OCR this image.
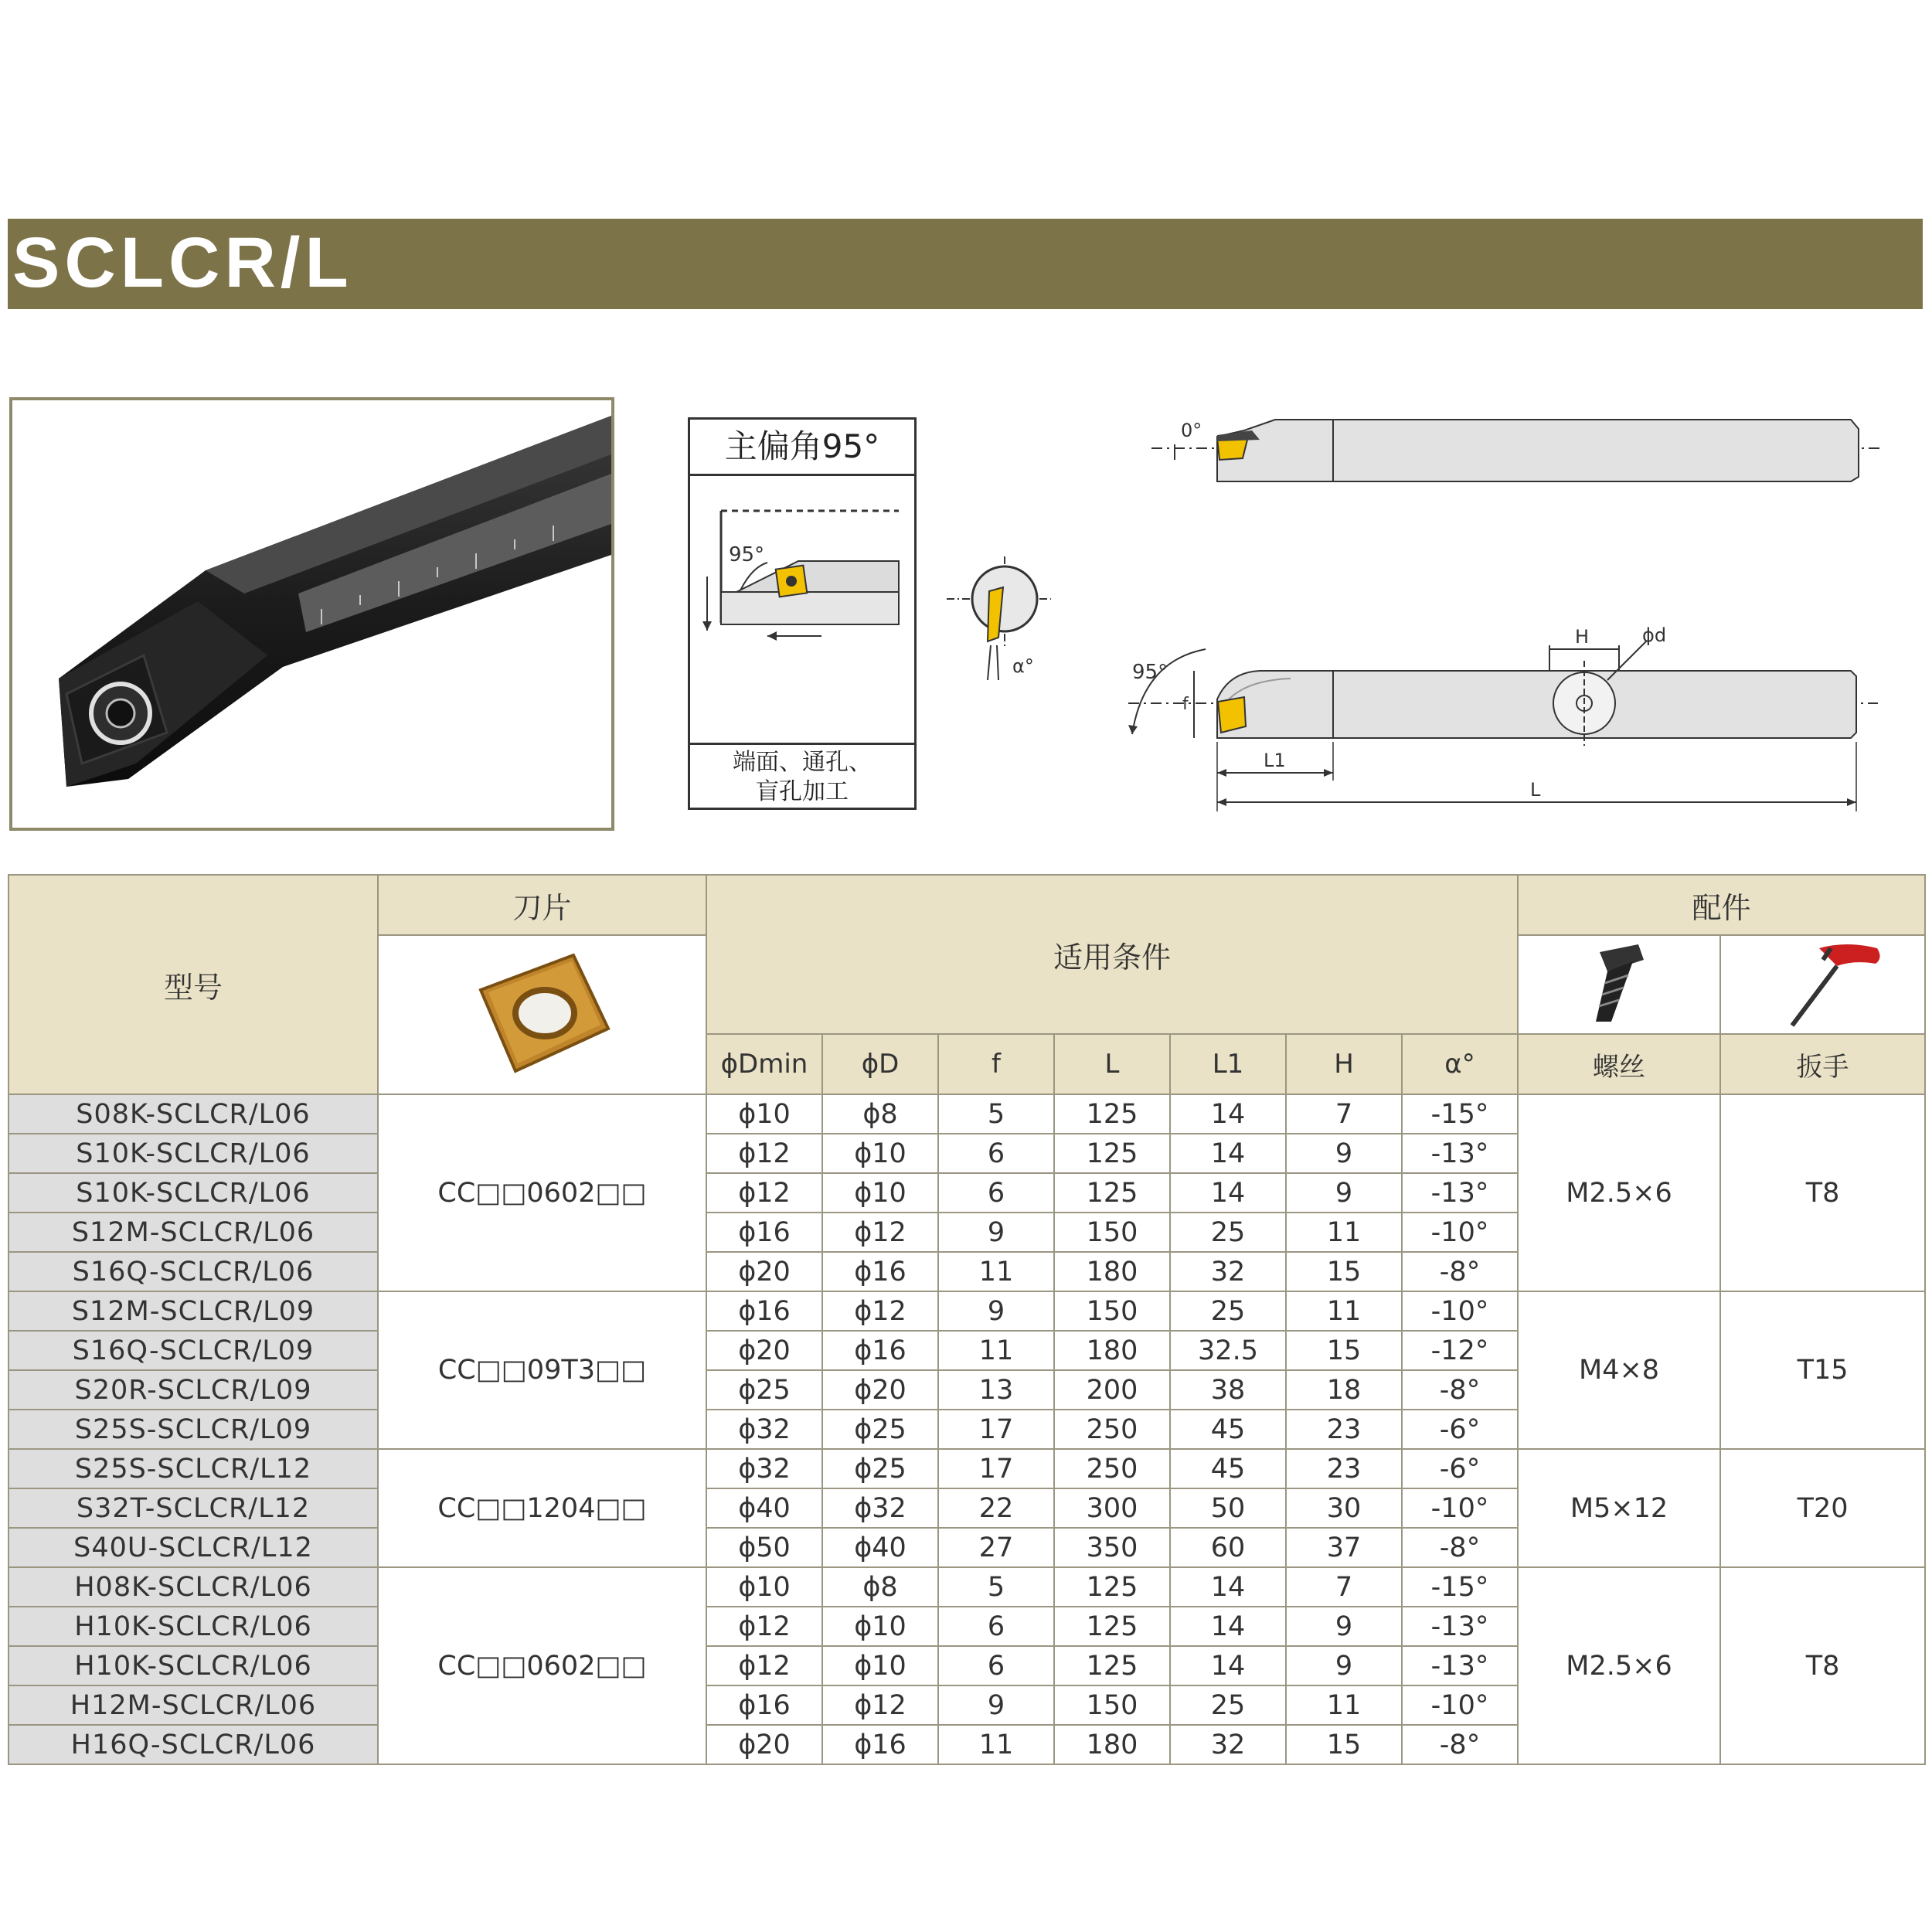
SCLCR/L
主偏角95°
95°
端面、通孔、
盲孔加工
α°
0°
H	ϕd
95°
f
L1
L
型号	刀片	适用条件							配件	

		ϕDmin	ϕD	f	L	L1	H	α°	螺丝	扳手
S08K-SCLCR/L06	CC□□0602□□	ϕ10	ϕ8	5	125	14	7	-15°	M2.5×6	T8
S10K-SCLCR/L06		ϕ12	ϕ10	6	125	14	9	-13°		
S10K-SCLCR/L06		ϕ12	ϕ10	6	125	14	9	-13°		
S12M-SCLCR/L06		ϕ16	ϕ12	9	150	25	11	-10°		
S16Q-SCLCR/L06		ϕ20	ϕ16	11	180	32	15	-8°		
S12M-SCLCR/L09	CC□□09T3□□	ϕ16	ϕ12	9	150	25	11	-10°	M4×8	T15
S16Q-SCLCR/L09		ϕ20	ϕ16	11	180	32.5	15	-12°		
S20R-SCLCR/L09		ϕ25	ϕ20	13	200	38	18	-8°		
S25S-SCLCR/L09		ϕ32	ϕ25	17	250	45	23	-6°		
S25S-SCLCR/L12	CC□□1204□□	ϕ32	ϕ25	17	250	45	23	-6°	M5×12	T20
S32T-SCLCR/L12		ϕ40	ϕ32	22	300	50	30	-10°		
S40U-SCLCR/L12		ϕ50	ϕ40	27	350	60	37	-8°		
H08K-SCLCR/L06	CC□□0602□□	ϕ10	ϕ8	5	125	14	7	-15°	M2.5×6	T8
H10K-SCLCR/L06		ϕ12	ϕ10	6	125	14	9	-13°		
H10K-SCLCR/L06		ϕ12	ϕ10	6	125	14	9	-13°		
H12M-SCLCR/L06		ϕ16	ϕ12	9	150	25	11	-10°		
H16Q-SCLCR/L06		ϕ20	ϕ16	11	180	32	15	-8°		
